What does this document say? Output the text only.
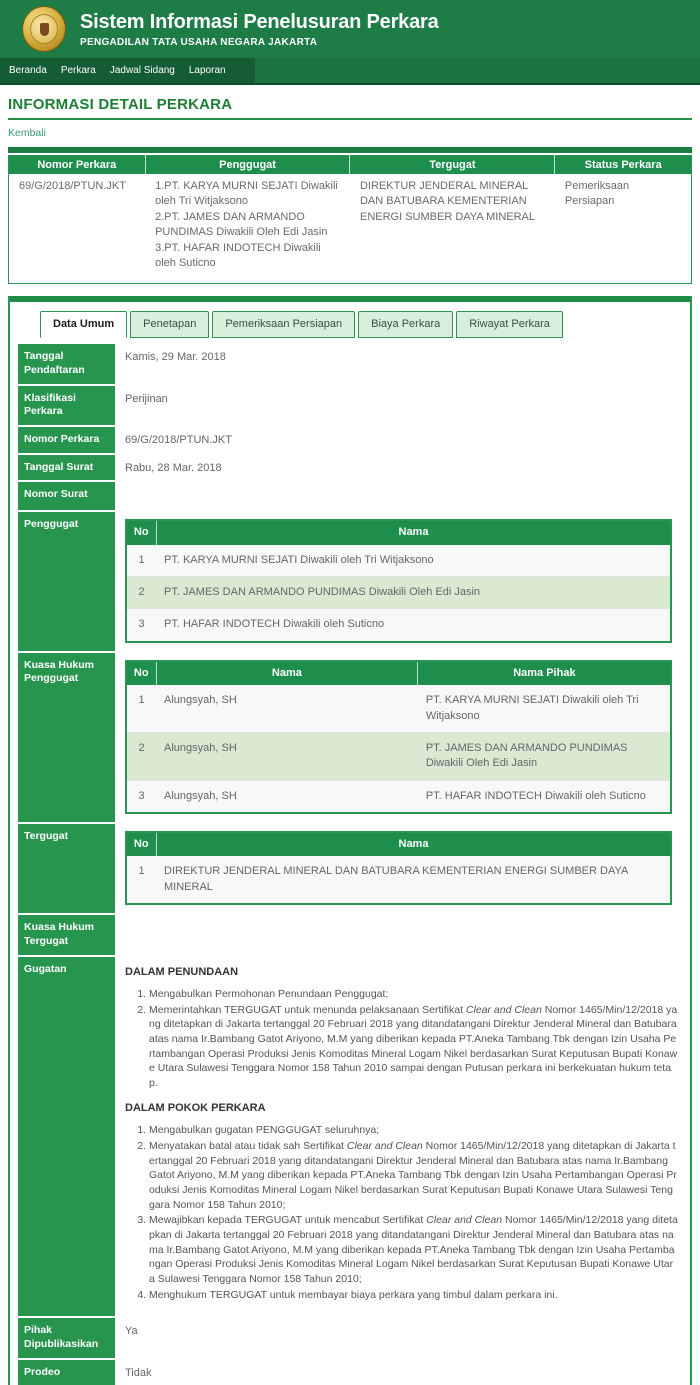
Sistem Informasi Penelusuran Perkara
PENGADILAN TATA USAHA NEGARA JAKARTA
Beranda	Perkara	Jadwal Sidang	Laporan
INFORMASI DETAIL PERKARA
Kembali
Nomor Perkara	Penggugat	Tergugat	Status Perkara
69/G/2018/PTUN.JKT	1.PT. KARYA MURNI SEJATI Diwakili oleh Tri Witjaksono
2.PT. JAMES DAN ARMANDO PUNDIMAS Diwakili Oleh Edi Jasin
3.PT. HAFAR INDOTECH Diwakili oleh Suticno	DIREKTUR JENDERAL MINERAL DAN BATUBARA KEMENTERIAN ENERGI SUMBER DAYA MINERAL	Pemeriksaan Persiapan
Data Umum	Penetapan	Pemeriksaan Persiapan	Biaya Perkara	Riwayat Perkara
Tanggal Pendaftaran
Kamis, 29 Mar. 2018
Klasifikasi Perkara
Perijinan
Nomor Perkara	69/G/2018/PTUN.JKT
Tanggal Surat	Rabu, 28 Mar. 2018
Nomor Surat
Penggugat
No	Nama
1	PT. KARYA MURNI SEJATI Diwakili oleh Tri Witjaksono
2	PT. JAMES DAN ARMANDO PUNDIMAS Diwakili Oleh Edi Jasin
3	PT. HAFAR INDOTECH Diwakili oleh Suticno
Kuasa Hukum Penggugat	No	Nama	Nama Pihak
1	Alungsyah, SH	PT. KARYA MURNI SEJATI Diwakili oleh Tri Witjaksono
2	Alungsyah, SH	PT. JAMES DAN ARMANDO PUNDIMAS Diwakili Oleh Edi Jasin
3	Alungsyah, SH	PT. HAFAR INDOTECH Diwakili oleh Suticno
Tergugat
No	Nama
1	DIREKTUR JENDERAL MINERAL DAN BATUBARA KEMENTERIAN ENERGI SUMBER DAYA MINERAL
Kuasa Hukum Tergugat
Gugatan	DALAM PENUNDAAN
1. Mengabulkan Permohonan Penundaan Penggugat;
2. Memerintahkan TERGUGAT untuk menunda pelaksanaan Sertifikat Clear and Clean Nomor 1465/Min/12/2018 yang ditetapkan di Jakarta tertanggal 20 Februari 2018 yang ditandatangani Direktur Jenderal Mineral dan Batubara atas nama Ir.Bambang Gatot Ariyono, M.M yang diberikan kepada PT.Aneka Tambang Tbk dengan Izin Usaha Pertambangan Operasi Produksi Jenis Komoditas Mineral Logam Nikel berdasarkan Surat Keputusan Bupati Konawe Utara Sulawesi Tenggara Nomor 158 Tahun 2010 sampai dengan Putusan perkara ini berkekuatan hukum tetap.
DALAM POKOK PERKARA
1. Mengabulkan gugatan PENGGUGAT seluruhnya;
2. Menyatakan batal atau tidak sah Sertifikat Clear and Clean Nomor 1465/Min/12/2018 yang ditetapkan di Jakarta tertanggal 20 Februari 2018 yang ditandatangani Direktur Jenderal Mineral dan Batubara atas nama Ir.Bambang Gatot Ariyono, M.M yang diberikan kepada PT.Aneka Tambang Tbk dengan Izin Usaha Pertambangan Operasi Produksi Jenis Komoditas Mineral Logam Nikel berdasarkan Surat Keputusan Bupati Konawe Utara Sulawesi Tenggara Nomor 158 Tahun 2010;
3. Mewajibkan kepada TERGUGAT untuk mencabut Sertifikat Clear and Clean Nomor 1465/Min/12/2018 yang ditetapkan di Jakarta tertanggal 20 Februari 2018 yang ditandatangani Direktur Jenderal Mineral dan Batubara atas nama Ir.Bambang Gatot Ariyono, M.M yang diberikan kepada PT.Aneka Tambang Tbk dengan Izin Usaha Pertambangan Operasi Produksi Jenis Komoditas Mineral Logam Nikel berdasarkan Surat Keputusan Bupati Konawe Utara Sulawesi Tenggara Nomor 158 Tahun 2010;
4. Menghukum TERGUGAT untuk membayar biaya perkara yang timbul dalam perkara ini.
Pihak Dipublikasikan
Ya
Prodeo	Tidak
